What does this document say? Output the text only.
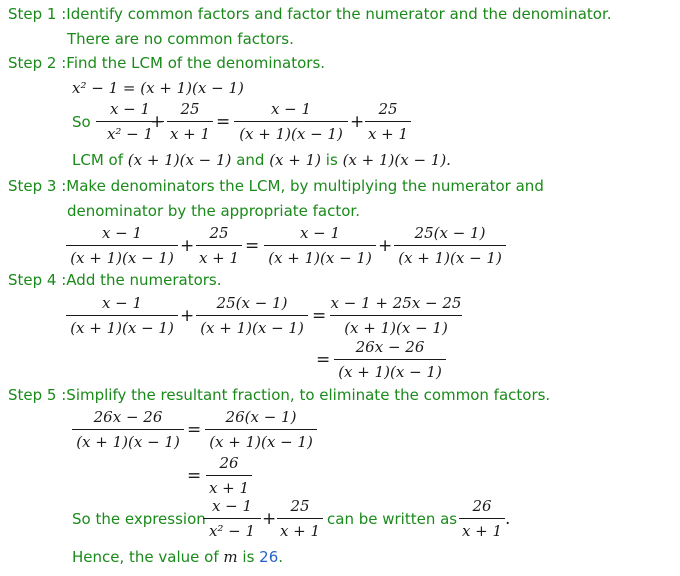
Step 1 :Identify common factors and factor the numerator and the denominator.
There are no common factors.
Step 2 :Find the LCM of the denominators.
x² − 1 = (x + 1)(x − 1)
So
x − 1
x² − 1
+
25
x + 1
=
x − 1
(x + 1)(x − 1)
+
25
x + 1
LCM of (x + 1)(x − 1) and (x + 1) is (x + 1)(x − 1).
Step 3 :Make denominators the LCM, by multiplying the numerator and
denominator by the appropriate factor.
x − 1
(x + 1)(x − 1)
+
25
x + 1
=
x − 1
(x + 1)(x − 1)
+
25(x − 1)
(x + 1)(x − 1)
Step 4 :Add the numerators.
x − 1
(x + 1)(x − 1)
+
25(x − 1)
(x + 1)(x − 1)
=
x − 1 + 25x − 25
(x + 1)(x − 1)
=
26x − 26
(x + 1)(x − 1)
Step 5 :Simplify the resultant fraction, to eliminate the common factors.
26x − 26
(x + 1)(x − 1)
=
26(x − 1)
(x + 1)(x − 1)
=
26
x + 1
So the expression
x − 1
x² − 1
+
25
x + 1
can be written as
26
x + 1
.
Hence, the value of m is 26.
